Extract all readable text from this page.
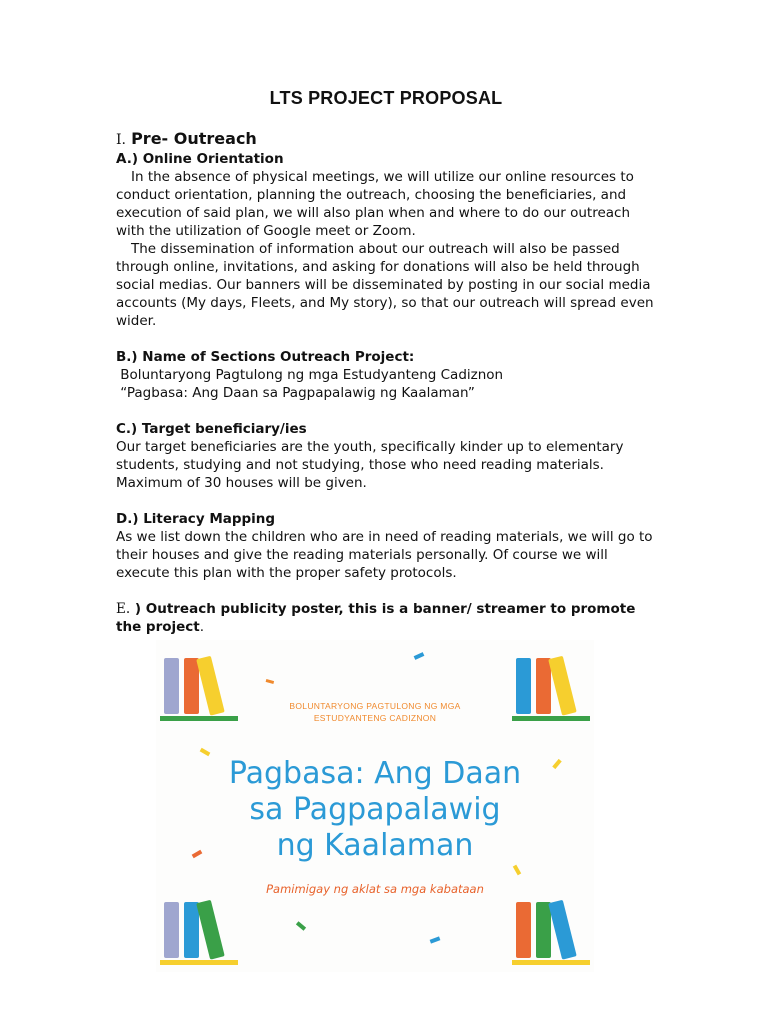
LTS PROJECT PROPOSAL
I. Pre- Outreach

A.) Online Orientation

In the absence of physical meetings, we will utilize our online resources to conduct orientation, planning the outreach, choosing the beneficiaries, and execution of said plan, we will also plan when and where to do our outreach with the utilization of Google meet or Zoom.

The dissemination of information about our outreach will also be passed through online, invitations, and asking for donations will also be held through social medias. Our banners will be disseminated by posting in our social media accounts (My days, Fleets, and My story), so that our outreach will spread even wider.

B.) Name of Sections Outreach Project:

Boluntaryong Pagtulong ng mga Estudyanteng Cadiznon

“Pagbasa: Ang Daan sa Pagpapalawig ng Kaalaman”

C.) Target beneficiary/ies

Our target beneficiaries are the youth, specifically kinder up to elementary students, studying and not studying, those who need reading materials. Maximum of 30 houses will be given.

D.) Literacy Mapping

As we list down the children who are in need of reading materials, we will go to their houses and give the reading materials personally. Of course we will execute this plan with the proper safety protocols.

E. ) Outreach publicity poster, this is a banner/ streamer to promote the project.

BOLUNTARYONG PAGTULONG NG MGA
ESTUDYANTENG CADIZNON
Pagbasa: Ang Daan
sa Pagpapalawig
ng Kaalaman
Pamimigay ng aklat sa mga kabataan
